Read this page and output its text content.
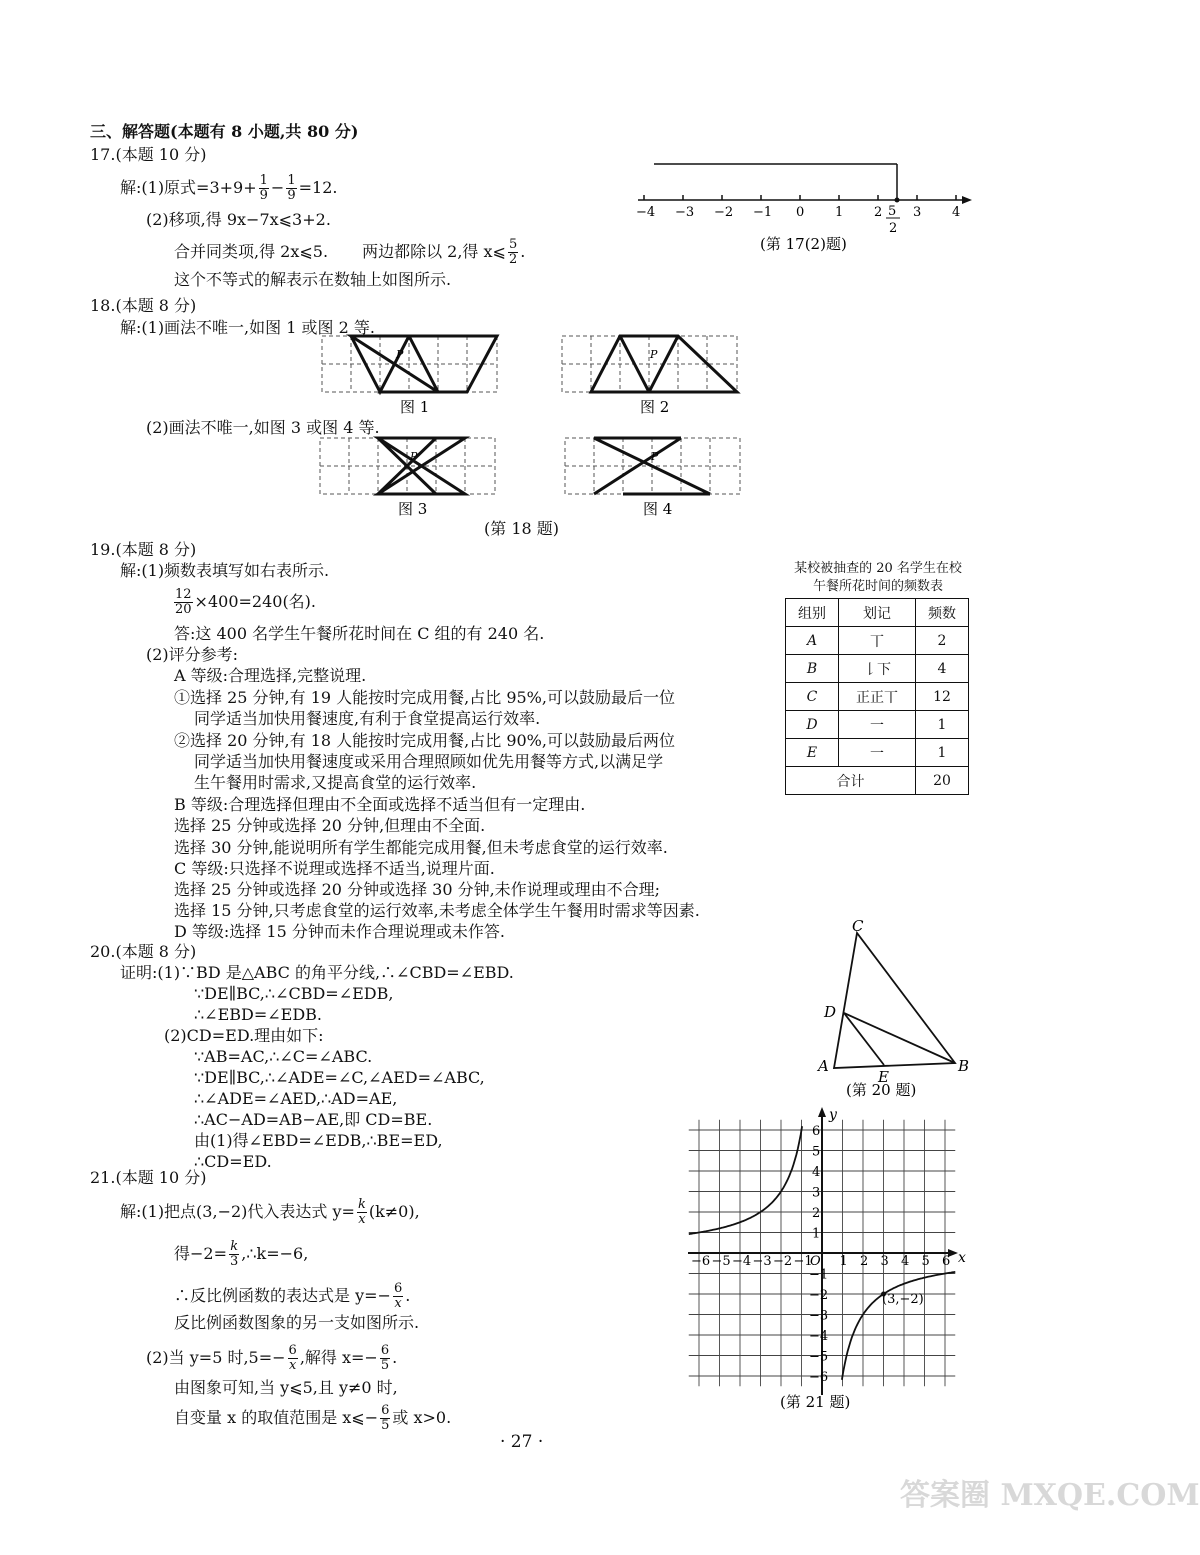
三、解答题(本题有 8 小题,共 80 分)
17.(本题 10 分)
解:(1)原式$=3+9+ \frac{1}{9} - \frac{1}{9} =12$.
(2)移项,得 9x−7x⩽3+2.
合并同类项,得 2x⩽5. 两边都除以 2,得 x⩽ $\frac{5}{2}$ .
这个不等式的解表示在数轴上如图所示.
−4 −3 −2 −1 0 1 2 3 4
5
2
(第 17(2)题)
18.(本题 8 分)
解:(1)画法不唯一,如图 1 或图 2 等.
(2)画法不唯一,如图 3 或图 4 等.
P
图 1
P
图 2
P
图 3
P
图 4
(第 18 题)
19.(本题 8 分)
解:(1)频数表填写如右表所示.
$\frac{12}{20} \times 400=240$(名).
答:这 400 名学生午餐所花时间在 C 组的有 240 名.
(2)评分参考:
A 等级:合理选择,完整说理.
①选择 25 分钟,有 19 人能按时完成用餐,占比 95%,可以鼓励最后一位
同学适当加快用餐速度,有利于食堂提高运行效率.
②选择 20 分钟,有 18 人能按时完成用餐,占比 90%,可以鼓励最后两位
同学适当加快用餐速度或采用合理照顾如优先用餐等方式,以满足学
生午餐用时需求,又提高食堂的运行效率.
B 等级:合理选择但理由不全面或选择不适当但有一定理由.
选择 25 分钟或选择 20 分钟,但理由不全面.
选择 30 分钟,能说明所有学生都能完成用餐,但未考虑食堂的运行效率.
C 等级:只选择不说理或选择不适当,说理片面.
选择 25 分钟或选择 20 分钟或选择 30 分钟,未作说理或理由不合理;
选择 15 分钟,只考虑食堂的运行效率,未考虑全体学生午餐用时需求等因素.
D 等级:选择 15 分钟而未作合理说理或未作答.
某校被抽查的 20 名学生在校
午餐所花时间的频数表
组别	划记	频数
A	丅	2
B	𠄌下	4
C	正正丅	12
D	一	1
E	一	1
合计		20
20.(本题 8 分)
证明:(1)∵BD 是△ABC 的角平分线,∴∠CBD=∠EBD.
∵DE∥BC,∴∠CBD=∠EDB,
∴∠EBD=∠EDB.
(2)CD=ED.理由如下:
∵AB=AC,∴∠C=∠ABC.
∵DE∥BC,∴∠ADE=∠C,∠AED=∠ABC,
∴∠ADE=∠AED,∴AD=AE,
∴AC−AD=AB−AE,即 CD=BE.
由(1)得∠EBD=∠EDB,∴BE=ED,
∴CD=ED.
C
D
A
E
B
(第 20 题)
21.(本题 10 分)
解:(1)把点(3,−2)代入表达式 $y= \frac{k}{x} (k\ne 0)$,
得$-2= \frac{k}{3}$ ,∴k=−6,
∴反比例函数的表达式是 $y=- \frac{6}{x}$ .
反比例函数图象的另一支如图所示.
(2)当 y=5 时$,5=- \frac{6}{x}$ ,解得 $x=- \frac{6}{5}$ .
由图象可知,当 y⩽5,且 y≠0 时,
自变量 x 的取值范围是 x⩽− $\frac{6}{5}$ 或 x>0.
−6 −5 −4 −3 −2 −1 1 2 3 4 5 6
6
5
4
3
2
1
−1
−2
−3
−4
−5
−6
x
y
O
(3,−2)
(第 21 题)
· 27 ·
答案圈 MXQE.COM
